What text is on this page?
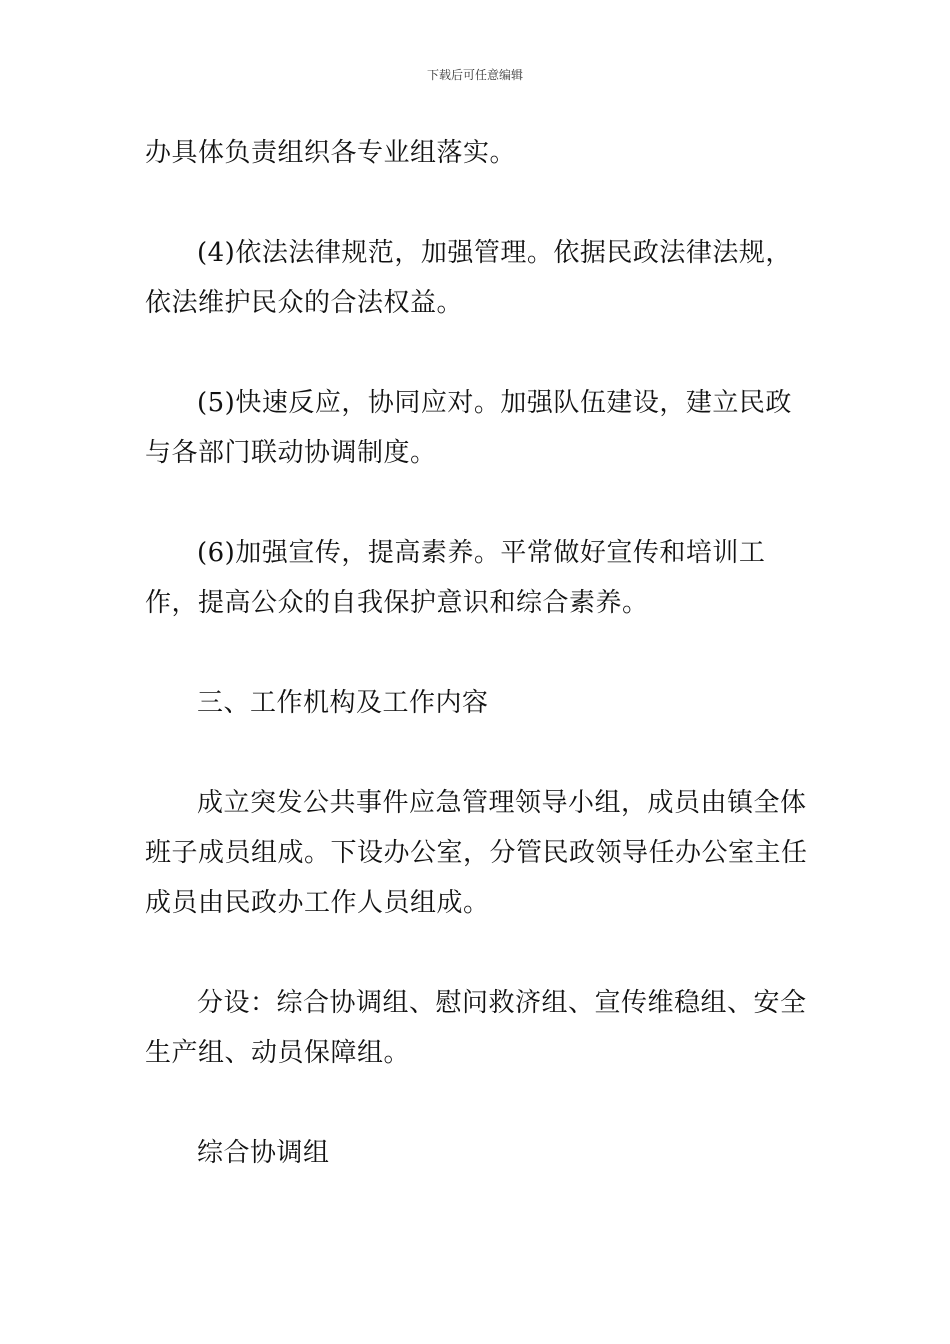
下载后可任意编辑

办具体负责组织各专业组落实。

(4)依法法律规范，加强管理。依据民政法律法规，依法维护民众的合法权益。

(5)快速反应，协同应对。加强队伍建设，建立民政与各部门联动协调制度。

(6)加强宣传，提高素养。平常做好宣传和培训工作，提高公众的自我保护意识和综合素养。

三、工作机构及工作内容

成立突发公共事件应急管理领导小组，成员由镇全体班子成员组成。下设办公室，分管民政领导任办公室主任成员由民政办工作人员组成。

分设：综合协调组、慰问救济组、宣传维稳组、安全生产组、动员保障组。

综合协调组
